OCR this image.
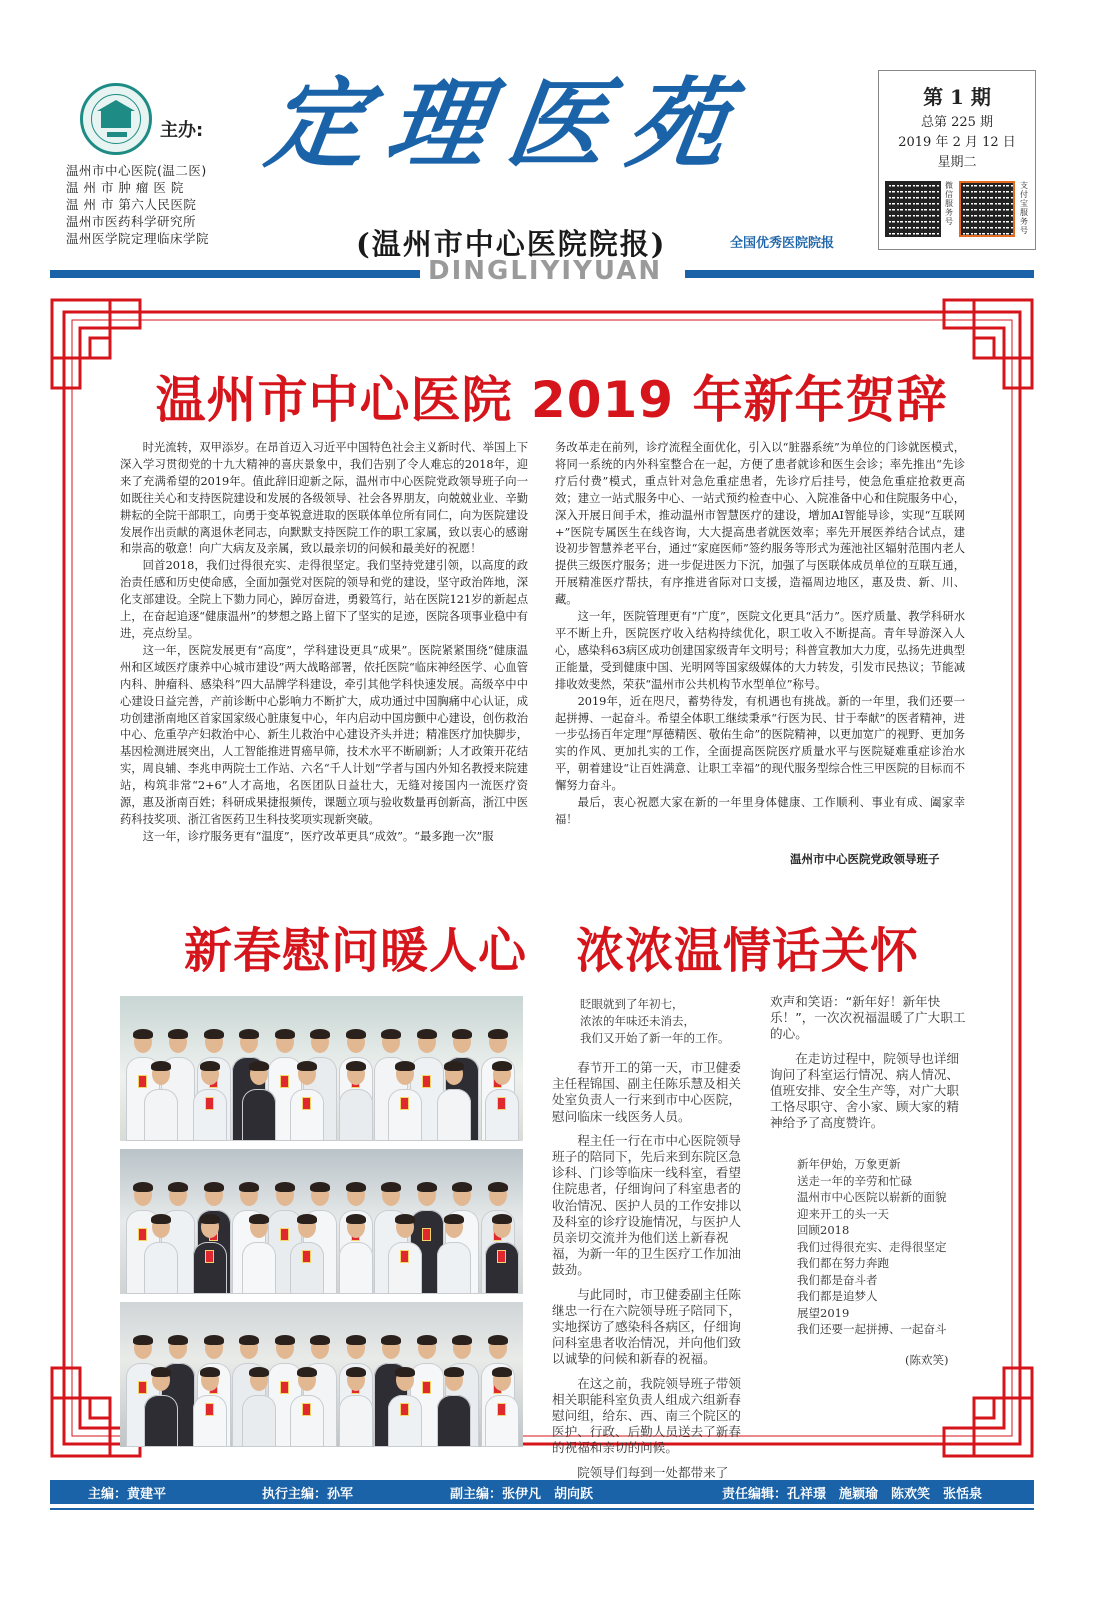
主办:
温州市中心医院(温二医)
温 州 市 肿 瘤 医 院
温 州 市 第六人民医院
温州市医药科学研究所
温州医学院定理临床学院
定理医苑
(温州市中心医院院报)	全国优秀医院院报
DINGLIYIYUAN
第 1 期
总第 225 期
2019 年 2 月 12 日
星期二
微信服务号
支付宝服务号
温州市中心医院 2019 年新年贺辞

时光流转，双甲添岁。在昂首迈入习近平中国特色社会主义新时代、举国上下深入学习贯彻党的十九大精神的喜庆景象中，我们告别了令人难忘的2018年，迎来了充满希望的2019年。值此辞旧迎新之际，温州市中心医院党政领导班子向一如既往关心和支持医院建设和发展的各级领导、社会各界朋友，向兢兢业业、辛勤耕耘的全院干部职工，向勇于变革锐意进取的医联体单位所有同仁，向为医院建设发展作出贡献的离退休老同志，向默默支持医院工作的职工家属，致以衷心的感谢和崇高的敬意！向广大病友及亲属，致以最亲切的问候和最美好的祝愿！

回首2018，我们过得很充实、走得很坚定。我们坚持党建引领，以高度的政治责任感和历史使命感，全面加强党对医院的领导和党的建设，坚守政治阵地，深化支部建设。全院上下勠力同心，踔厉奋进，勇毅笃行，站在医院121岁的新起点上，在奋起追逐“健康温州”的梦想之路上留下了坚实的足迹，医院各项事业稳中有进，亮点纷呈。

这一年，医院发展更有“高度”，学科建设更具“成果”。医院紧紧围绕“健康温州和区域医疗康养中心城市建设”两大战略部署，依托医院“临床神经医学、心血管内科、肿瘤科、感染科”四大品牌学科建设，牵引其他学科快速发展。高级卒中中心建设日益完善，产前诊断中心影响力不断扩大，成功通过中国胸痛中心认证，成功创建浙南地区首家国家级心脏康复中心，年内启动中国房颤中心建设，创伤救治中心、危重孕产妇救治中心、新生儿救治中心建设齐头并进；精准医疗加快脚步，基因检测进展突出，人工智能推进胃癌早筛，技术水平不断刷新；人才政策开花结实，周良辅、李兆申两院士工作站、六名“千人计划”学者与国内外知名教授来院建站，构筑非常“2+6”人才高地，名医团队日益壮大，无缝对接国内一流医疗资源，惠及浙南百姓；科研成果捷报频传，课题立项与验收数量再创新高，浙江中医药科技奖项、浙江省医药卫生科技奖项实现新突破。

这一年，诊疗服务更有“温度”，医疗改革更具“成效”。“最多跑一次”服

务改革走在前列，诊疗流程全面优化，引入以“脏器系统”为单位的门诊就医模式，将同一系统的内外科室整合在一起，方便了患者就诊和医生会诊；率先推出“先诊疗后付费”模式，重点针对急危重症患者，先诊疗后挂号，使急危重症抢救更高效；建立一站式服务中心、一站式预约检查中心、入院准备中心和住院服务中心，深入开展日间手术，推动温州市智慧医疗的建设，增加AI智能导诊，实现“互联网+”医院专属医生在线咨询，大大提高患者就医效率；率先开展医养结合试点，建设初步智慧养老平台，通过“家庭医师”签约服务等形式为莲池社区辐射范围内老人提供三级医疗服务；进一步促进医力下沉，加强了与医联体成员单位的互联互通，开展精准医疗帮扶，有序推进省际对口支援，造福周边地区，惠及贵、新、川、藏。

这一年，医院管理更有“广度”，医院文化更具“活力”。医疗质量、教学科研水平不断上升，医院医疗收入结构持续优化，职工收入不断提高。青年导游深入人心，感染科63病区成功创建国家级青年文明号；科普宣教加大力度，弘扬先进典型正能量，受到健康中国、光明网等国家级媒体的大力转发，引发市民热议；节能减排收效斐然，荣获“温州市公共机构节水型单位”称号。

2019年，近在咫尺，蓄势待发，有机遇也有挑战。新的一年里，我们还要一起拼搏、一起奋斗。希望全体职工继续秉承“行医为民、甘于奉献”的医者精神，进一步弘扬百年定理“厚德精医、敬佑生命”的医院精神，以更加宽广的视野、更加务实的作风、更加扎实的工作，全面提高医院医疗质量水平与医院疑难重症诊治水平，朝着建设“让百姓满意、让职工幸福”的现代服务型综合性三甲医院的目标而不懈努力奋斗。

最后，衷心祝愿大家在新的一年里身体健康、工作顺利、事业有成、阖家幸福！

温州市中心医院党政领导班子
新春慰问暖人心　浓浓温情话关怀
眨眼就到了年初七，
浓浓的年味还未消去，
我们又开始了新一年的工作。

春节开工的第一天，市卫健委主任程锦国、副主任陈乐慧及相关处室负责人一行来到市中心医院，慰问临床一线医务人员。

程主任一行在市中心医院领导班子的陪同下，先后来到东院区急诊科、门诊等临床一线科室，看望住院患者，仔细询问了科室患者的收治情况、医护人员的工作安排以及科室的诊疗设施情况，与医护人员亲切交流并为他们送上新春祝福，为新一年的卫生医疗工作加油鼓劲。

与此同时，市卫健委副主任陈继忠一行在六院领导班子陪同下，实地探访了感染科各病区，仔细询问科室患者收治情况，并向他们致以诚挚的问候和新春的祝福。

在这之前，我院领导班子带领相关职能科室负责人组成六组新春慰问组，给东、西、南三个院区的医护、行政、后勤人员送去了新春的祝福和亲切的问候。

院领导们每到一处都带来了

欢声和笑语：“新年好！新年快乐！”，一次次祝福温暖了广大职工的心。

在走访过程中，院领导也详细询问了科室运行情况、病人情况、值班安排、安全生产等，对广大职工恪尽职守、舍小家、顾大家的精神给予了高度赞许。

新年伊始，万象更新
送走一年的辛劳和忙碌
温州市中心医院以崭新的面貌
迎来开工的头一天
回顾2018
我们过得很充实、走得很坚定
我们都在努力奔跑
我们都是奋斗者
我们都是追梦人
展望2019
我们还要一起拼搏、一起奋斗
(陈欢笑)
主编：黄建平	执行主编：孙军	副主编：张伊凡　胡向跃	责任编辑：孔祥璟　施颖瑜　陈欢笑　张恬泉
